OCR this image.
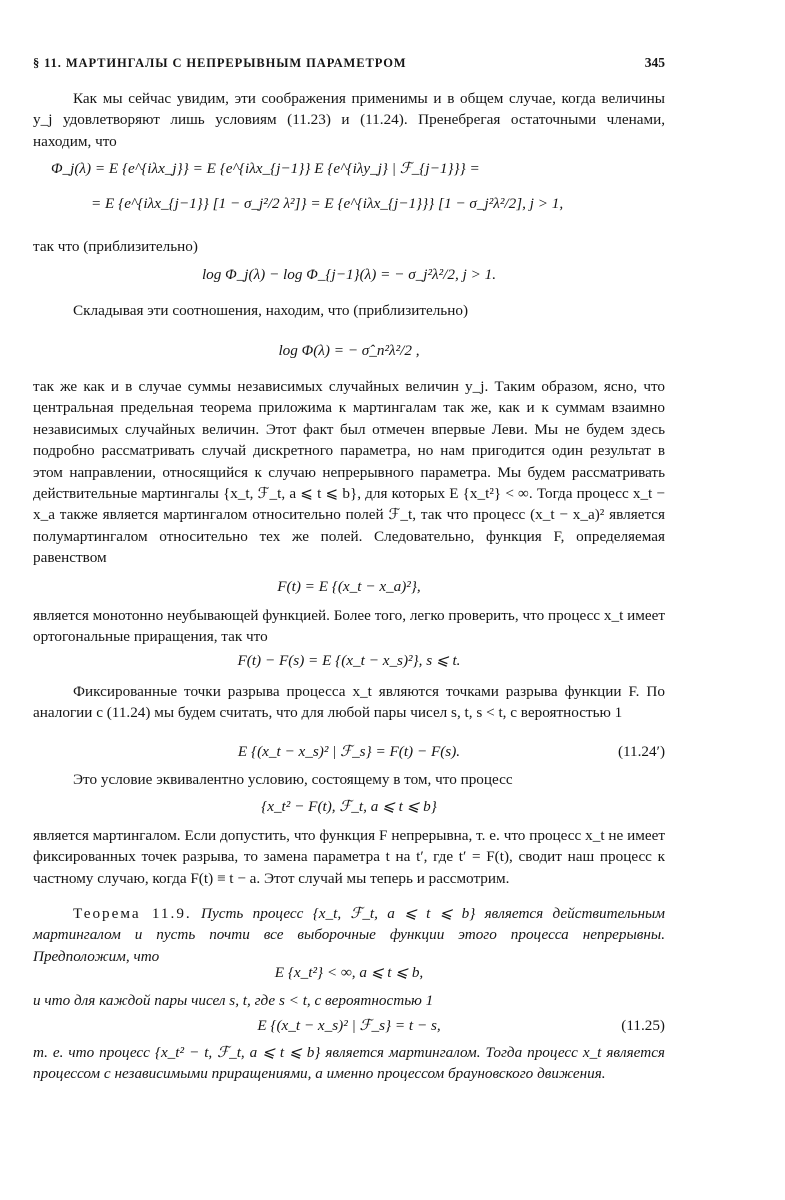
§ 11. МАРТИНГАЛЫ С НЕПРЕРЫВНЫМ ПАРАМЕТРОМ	345

Как мы сейчас увидим, эти соображения применимы и в общем случае, когда величины y_j удовлетворяют лишь условиям (11.23) и (11.24). Пренебрегая остаточными членами, находим, что

Φ_j(λ) = E {e^{iλx_j}} = E {e^{iλx_{j−1}} E {e^{iλy_j} | ℱ_{j−1}}} =
= E {e^{iλx_{j−1}} [1 − σ_j²/2 λ²]} = E {e^{iλx_{j−1}}} [1 − σ_j²λ²/2], j > 1,

так что (приблизительно)

log Φ_j(λ) − log Φ_{j−1}(λ) = − σ_j²λ²/2, j > 1.

Складывая эти соотношения, находим, что (приблизительно)

log Φ(λ) = − σ̂_n²λ²/2 ,

так же как и в случае суммы независимых случайных величин y_j. Таким образом, ясно, что центральная предельная теорема приложима к мартингалам так же, как и к суммам взаимно независимых случайных величин. Этот факт был отмечен впервые Леви. Мы не будем здесь подробно рассматривать случай дискретного параметра, но нам пригодится один результат в этом направлении, относящийся к случаю непрерывного параметра. Мы будем рассматривать действительные мартингалы {x_t, ℱ_t, a ⩽ t ⩽ b}, для которых E {x_t²} < ∞. Тогда процесс x_t − x_a также является мартингалом относительно полей ℱ_t, так что процесс (x_t − x_a)² является полумартингалом относительно тех же полей. Следовательно, функция F, определяемая равенством

F(t) = E {(x_t − x_a)²},

является монотонно неубывающей функцией. Более того, легко проверить, что процесс x_t имеет ортогональные приращения, так что

F(t) − F(s) = E {(x_t − x_s)²}, s ⩽ t.

Фиксированные точки разрыва процесса x_t являются точками разрыва функции F. По аналогии с (11.24) мы будем считать, что для любой пары чисел s, t, s < t, с вероятностью 1

E {(x_t − x_s)² | ℱ_s} = F(t) − F(s).	(11.24′)

Это условие эквивалентно условию, состоящему в том, что процесс

{x_t² − F(t), ℱ_t, a ⩽ t ⩽ b}

является мартингалом. Если допустить, что функция F непрерывна, т. е. что процесс x_t не имеет фиксированных точек разрыва, то замена параметра t на t′, где t′ = F(t), сводит наш процесс к частному случаю, когда F(t) ≡ t − a. Этот случай мы теперь и рассмотрим.

Теорема 11.9. Пусть процесс {x_t, ℱ_t, a ⩽ t ⩽ b} является действительным мартингалом и пусть почти все выборочные функции этого процесса непрерывны. Предположим, что

E {x_t²} < ∞, a ⩽ t ⩽ b,

и что для каждой пары чисел s, t, где s < t, с вероятностью 1

E {(x_t − x_s)² | ℱ_s} = t − s,	(11.25)

т. е. что процесс {x_t² − t, ℱ_t, a ⩽ t ⩽ b} является мартингалом. Тогда процесс x_t является процессом с независимыми приращениями, а именно процессом брауновского движения.
